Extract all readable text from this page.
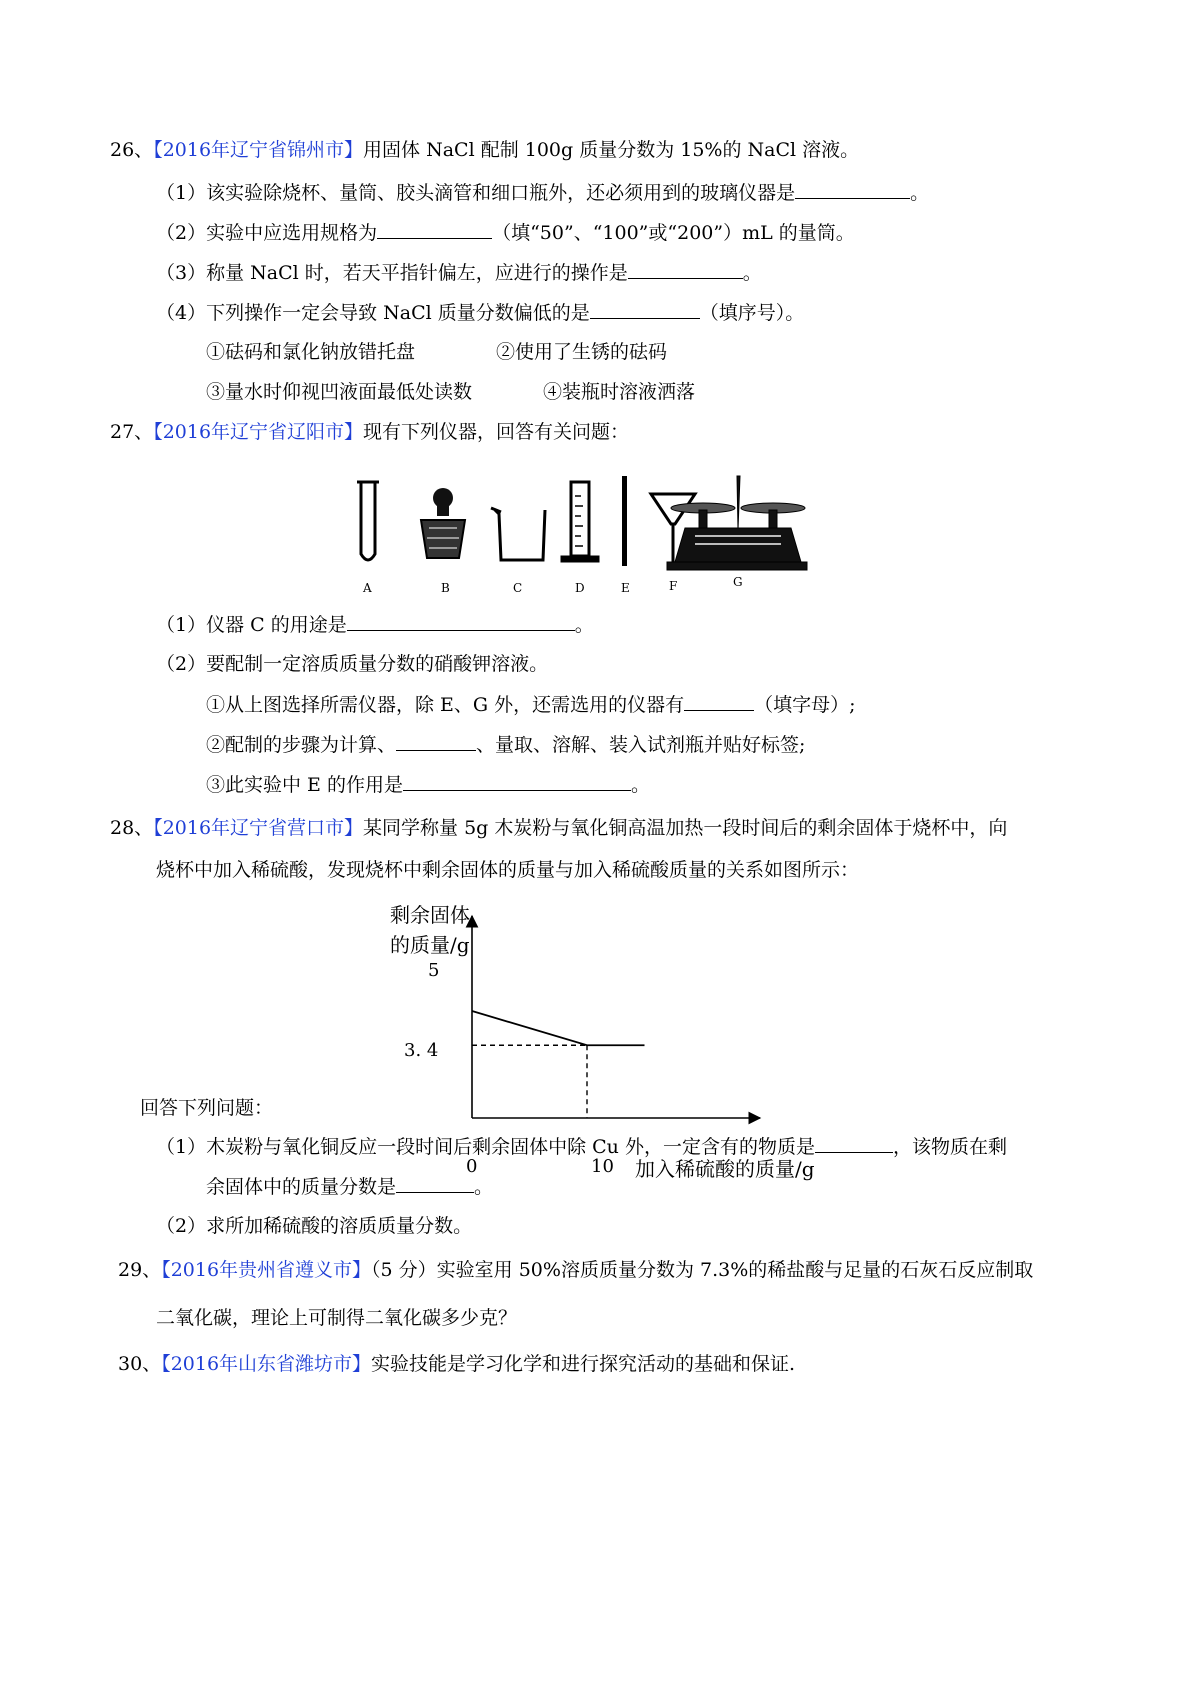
26、【2016年辽宁省锦州市】用固体 NaCl 配制 100g 质量分数为 15%的 NaCl 溶液。
（1）该实验除烧杯、量筒、胶头滴管和细口瓶外，还必须用到的玻璃仪器是	。
（2）实验中应选用规格为	（填“50”、“100”或“200”）mL 的量筒。
（3）称量 NaCl 时，若天平指针偏左，应进行的操作是	。
（4）下列操作一定会导致 NaCl 质量分数偏低的是	（填序号）。
①砝码和氯化钠放错托盘	②使用了生锈的砝码
③量水时仰视凹液面最低处读数	④装瓶时溶液洒落
27、【2016年辽宁省辽阳市】现有下列仪器，回答有关问题：
A	B	C	D	E	F	G
（1）仪器 C 的用途是	。
（2）要配制一定溶质质量分数的硝酸钾溶液。
①从上图选择所需仪器，除 E、G 外，还需选用的仪器有	（填字母）;
②配制的步骤为计算、	、量取、溶解、装入试剂瓶并贴好标签;
③此实验中 E 的作用是	。
28、【2016年辽宁省营口市】某同学称量 5g 木炭粉与氧化铜高温加热一段时间后的剩余固体于烧杯中，向
烧杯中加入稀硫酸，发现烧杯中剩余固体的质量与加入稀硫酸质量的关系如图所示：
剩余固体
的质量/g
加入稀硫酸的质量/g
0	10
5
3. 4
回答下列问题：
（1）木炭粉与氧化铜反应一段时间后剩余固体中除 Cu 外，一定含有的物质是	，该物质在剩
余固体中的质量分数是	。
（2）求所加稀硫酸的溶质质量分数。
29、【2016年贵州省遵义市】（5 分）实验室用 50%溶质质量分数为 7.3%的稀盐酸与足量的石灰石反应制取
二氧化碳，理论上可制得二氧化碳多少克？
30、【2016年山东省潍坊市】实验技能是学习化学和进行探究活动的基础和保证.
